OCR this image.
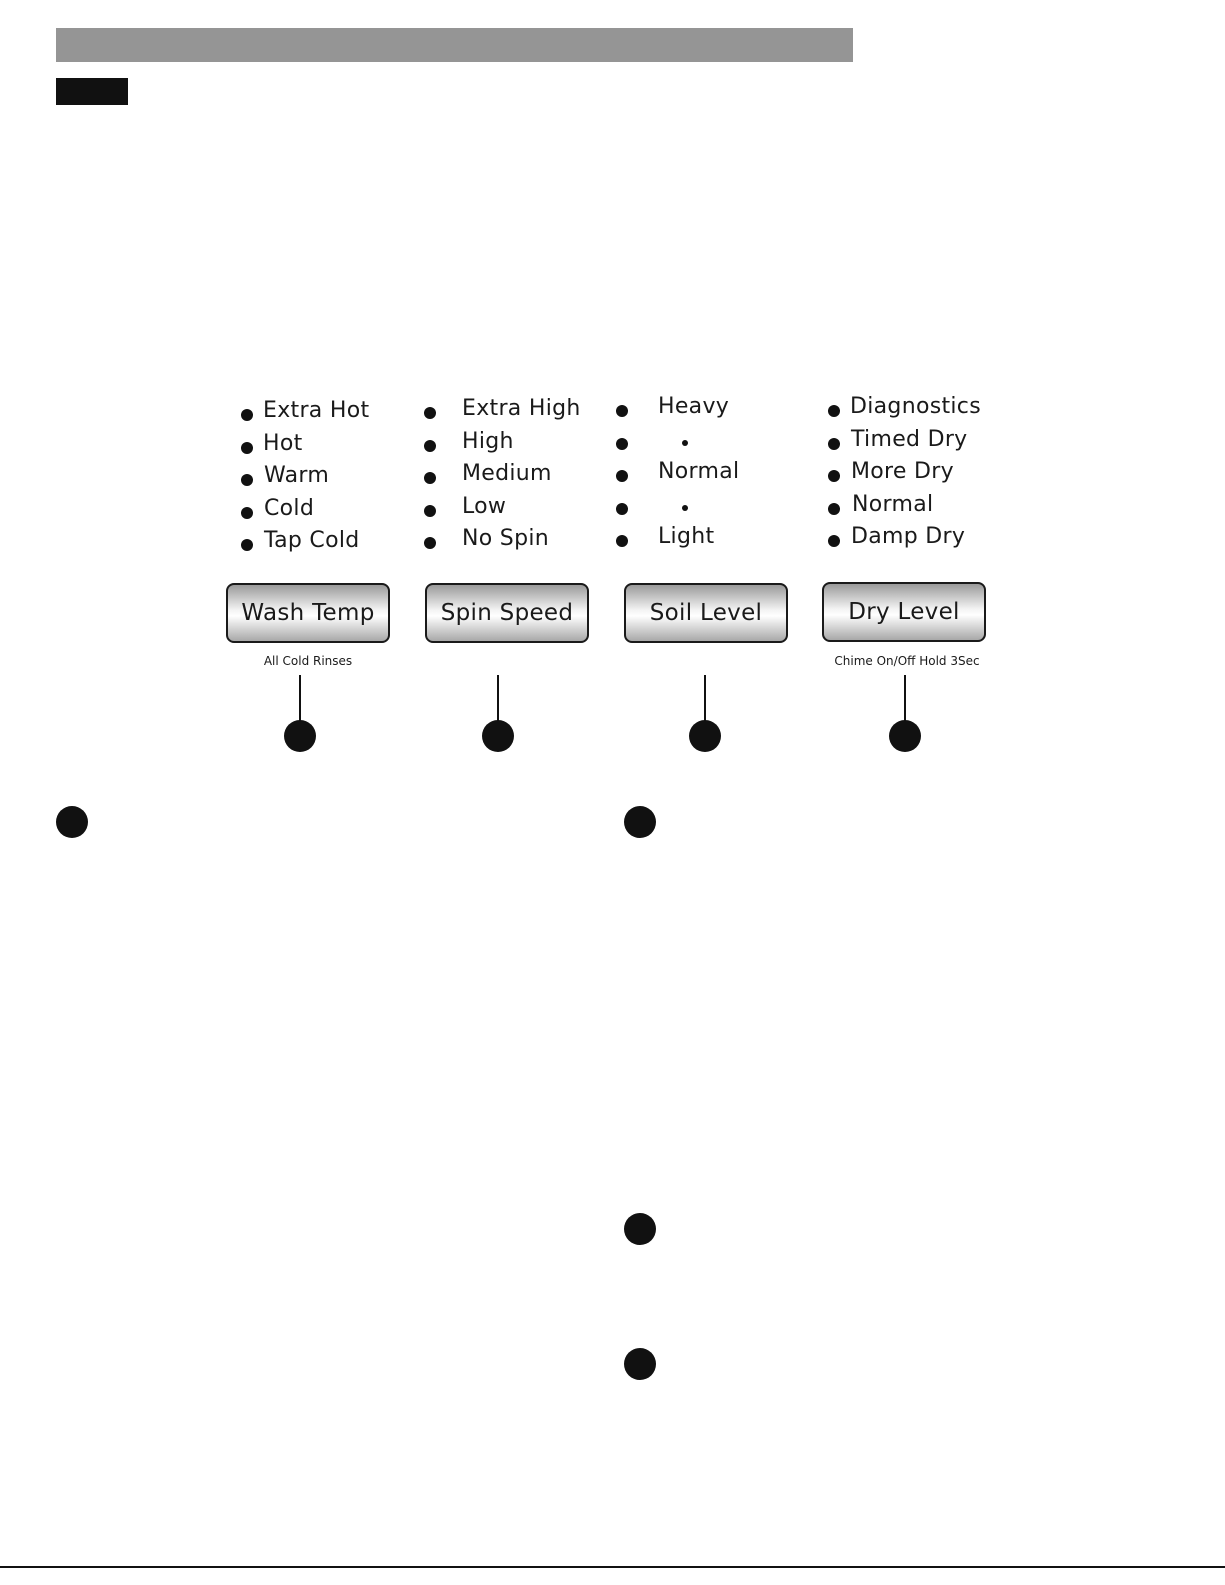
Extra Hot
Hot
Warm
Cold
Tap Cold
Extra High
High
Medium
Low
No Spin
Heavy
Normal
Light
Diagnostics
Timed Dry
More Dry
Normal
Damp Dry
Wash Temp	Spin Speed	Soil Level	Dry Level
All Cold Rinses	Chime On/Off Hold 3Sec
